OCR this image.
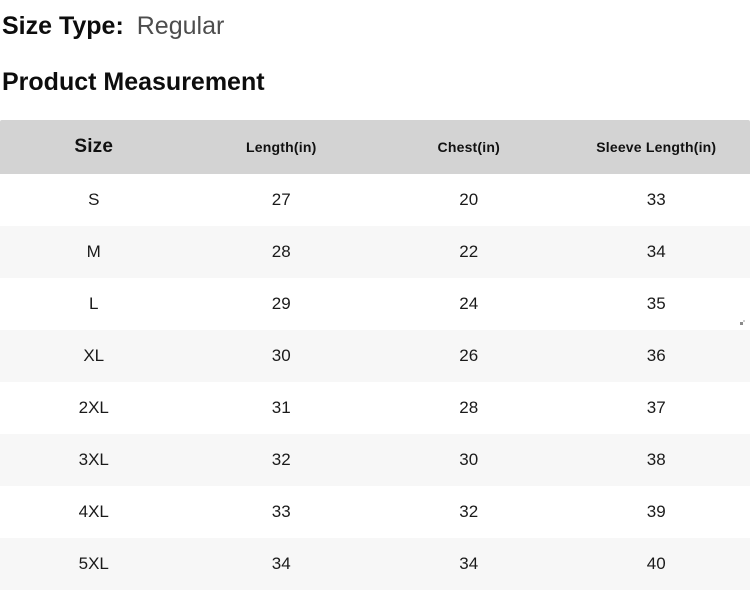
Size Type: Regular
Product Measurement
Size	Length(in)	Chest(in)	Sleeve Length(in)
S	27	20	33
M	28	22	34
L	29	24	35
XL	30	26	36
2XL	31	28	37
3XL	32	30	38
4XL	33	32	39
5XL	34	34	40
